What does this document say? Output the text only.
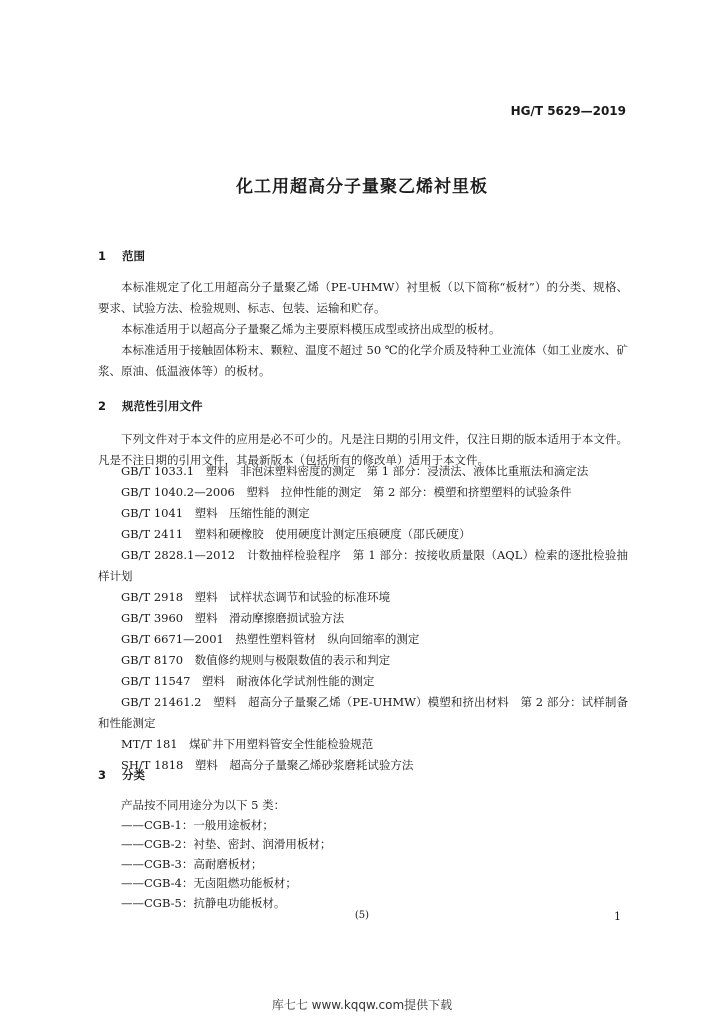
HG/T 5629—2019
化工用超高分子量聚乙烯衬里板
1 范围

本标准规定了化工用超高分子量聚乙烯（PE-UHMW）衬里板（以下简称“板材”）的分类、规格、要求、试验方法、检验规则、标志、包装、运输和贮存。

本标准适用于以超高分子量聚乙烯为主要原料模压成型或挤出成型的板材。

本标准适用于接触固体粉末、颗粒、温度不超过 50 ℃的化学介质及特种工业流体（如工业废水、矿浆、原油、低温液体等）的板材。

2 规范性引用文件

下列文件对于本文件的应用是必不可少的。凡是注日期的引用文件，仅注日期的版本适用于本文件。凡是不注日期的引用文件，其最新版本（包括所有的修改单）适用于本文件。

GB/T 1033.1　塑料　非泡沫塑料密度的测定　第 1 部分：浸渍法、液体比重瓶法和滴定法

GB/T 1040.2—2006　塑料　拉伸性能的测定　第 2 部分：模塑和挤塑塑料的试验条件

GB/T 1041　塑料　压缩性能的测定

GB/T 2411　塑料和硬橡胶　使用硬度计测定压痕硬度（邵氏硬度）

GB/T 2828.1—2012　计数抽样检验程序　第 1 部分：按接收质量限（AQL）检索的逐批检验抽样计划

GB/T 2918　塑料　试样状态调节和试验的标准环境

GB/T 3960　塑料　滑动摩擦磨损试验方法

GB/T 6671—2001　热塑性塑料管材　纵向回缩率的测定

GB/T 8170　数值修约规则与极限数值的表示和判定

GB/T 11547　塑料　耐液体化学试剂性能的测定

GB/T 21461.2　塑料　超高分子量聚乙烯（PE-UHMW）模塑和挤出材料　第 2 部分：试样制备和性能测定

MT/T 181　煤矿井下用塑料管安全性能检验规范

SH/T 1818　塑料　超高分子量聚乙烯砂浆磨耗试验方法

3 分类

产品按不同用途分为以下 5 类：

——CGB-1：一般用途板材；

——CGB-2：衬垫、密封、润滑用板材；

——CGB-3：高耐磨板材；

——CGB-4：无卤阻燃功能板材；

——CGB-5：抗静电功能板材。

(5)	1
库七七 www.kqqw.com提供下载
